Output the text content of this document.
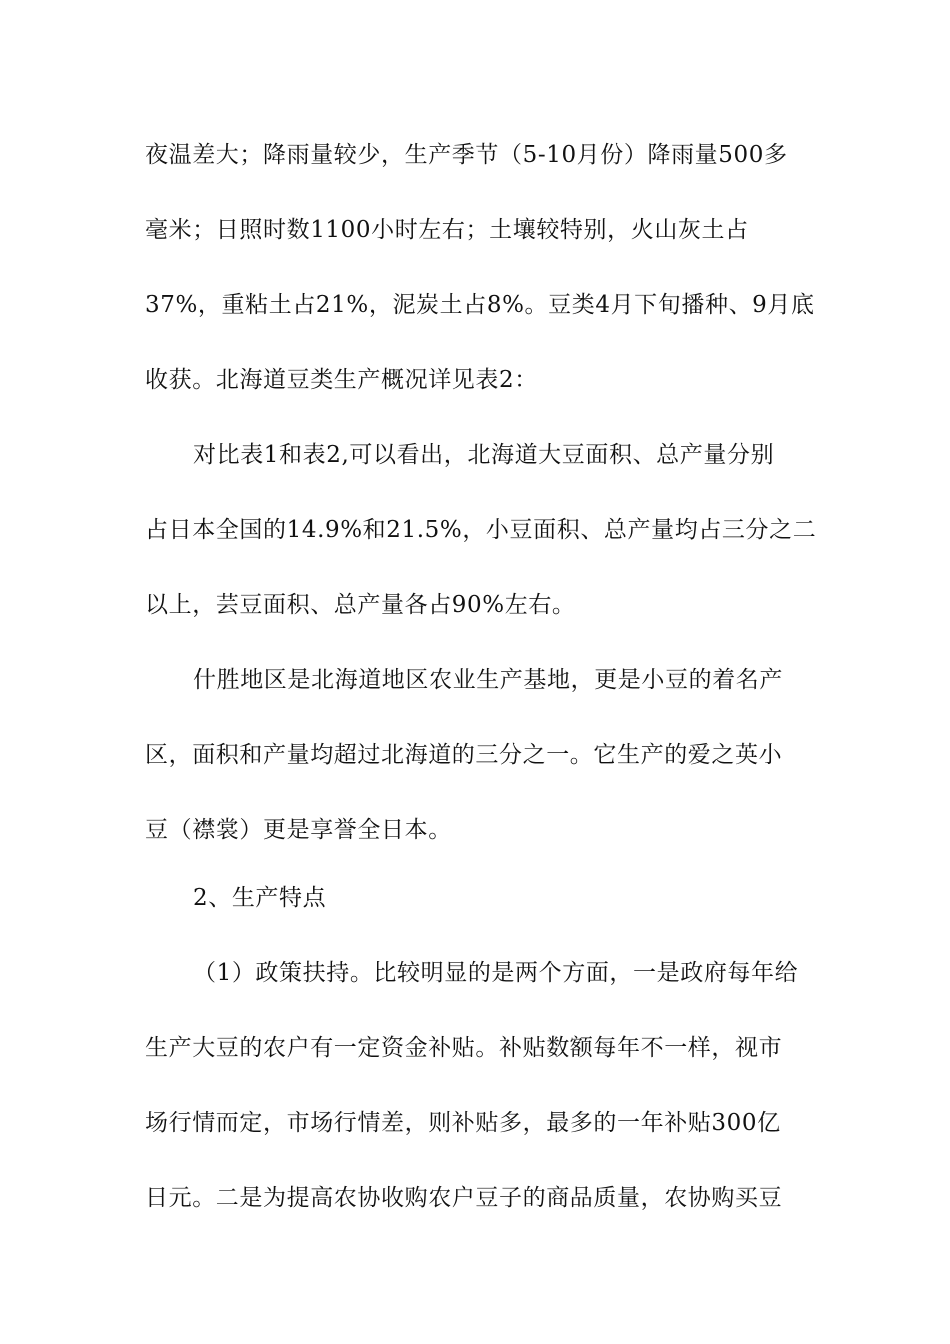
夜温差大；降雨量较少，生产季节（5-10月份）降雨量500多
毫米；日照时数1100小时左右；土壤较特别，火山灰土占
37%，重粘土占21%，泥炭土占8%。豆类4月下旬播种、9月底
收获。北海道豆类生产概况详见表2：
对比表1和表2,可以看出，北海道大豆面积、总产量分别
占日本全国的14.9%和21.5%，小豆面积、总产量均占三分之二
以上，芸豆面积、总产量各占90%左右。
什胜地区是北海道地区农业生产基地，更是小豆的着名产
区，面积和产量均超过北海道的三分之一。它生产的爱之英小
豆（襟裳）更是享誉全日本。
2、生产特点
（1）政策扶持。比较明显的是两个方面，一是政府每年给
生产大豆的农户有一定资金补贴。补贴数额每年不一样，视市
场行情而定，市场行情差，则补贴多，最多的一年补贴300亿
日元。二是为提高农协收购农户豆子的商品质量，农协购买豆
